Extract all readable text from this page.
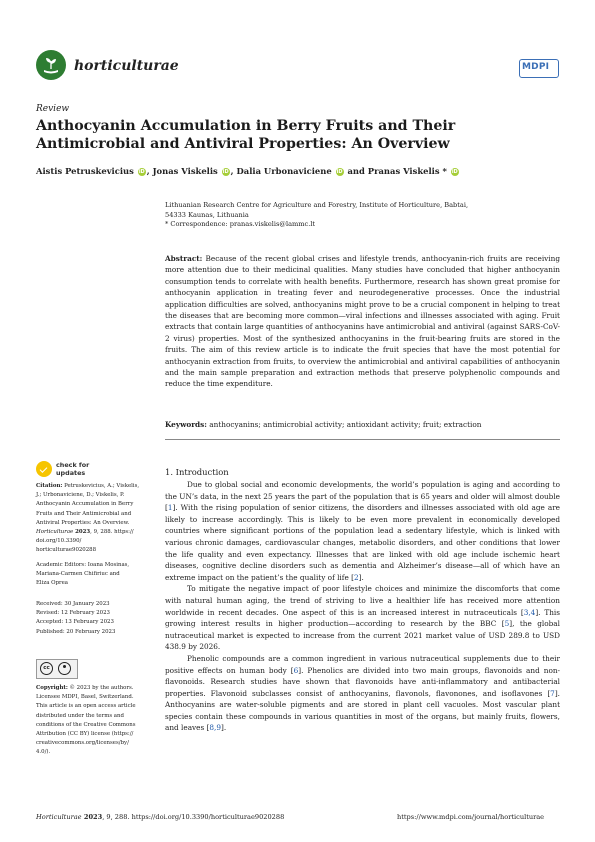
horticulturae	MDPI
Review
Anthocyanin Accumulation in Berry Fruits and Their Antimicrobial and Antiviral Properties: An Overview
Aistis Petruskevicius iD , Jonas Viskelis iD , Dalia Urbonaviciene iD and Pranas Viskelis * iD
Lithuanian Research Centre for Agriculture and Forestry, Institute of Horticulture, Babtai,
54333 Kaunas, Lithuania
* Correspondence: pranas.viskelis@lammc.lt
Abstract: Because of the recent global crises and lifestyle trends, anthocyanin-rich fruits are receiving more attention due to their medicinal qualities. Many studies have concluded that higher anthocyanin consumption tends to correlate with health benefits. Furthermore, research has shown great promise for anthocyanin application in treating fever and neurodegenerative processes. Once the industrial application difficulties are solved, anthocyanins might prove to be a crucial component in helping to treat the diseases that are becoming more common—viral infections and illnesses associated with aging. Fruit extracts that contain large quantities of anthocyanins have antimicrobial and antiviral (against SARS-CoV-2 virus) properties. Most of the synthesized anthocyanins in the fruit-bearing fruits are stored in the fruits. The aim of this review article is to indicate the fruit species that have the most potential for anthocyanin extraction from fruits, to overview the antimicrobial and antiviral capabilities of anthocyanin and the main sample preparation and extraction methods that preserve polyphenolic compounds and reduce the time expenditure.
Keywords: anthocyanins; antimicrobial activity; antioxidant activity; fruit; extraction
check for
updates
Citation: Petruskevicius, A.; Viskelis,
J.; Urbonaviciene, D.; Viskelis, P.
Anthocyanin Accumulation in Berry
Fruits and Their Antimicrobial and
Antiviral Properties: An Overview.
Horticulturae 2023, 9, 288. https://
doi.org/10.3390/
horticulturae9020288
Academic Editors: Ioana Mosinas,
Mariana-Carmen Chifiriuc and
Eliza Oprea
Received: 30 January 2023
Revised: 12 February 2023
Accepted: 13 February 2023
Published: 20 February 2023
cc
Copyright: © 2023 by the authors.
Licensee MDPI, Basel, Switzerland.
This article is an open access article
distributed under the terms and
conditions of the Creative Commons
Attribution (CC BY) license (https://
creativecommons.org/licenses/by/
4.0/).
1. Introduction

Due to global social and economic developments, the world’s population is aging and according to the UN’s data, in the next 25 years the part of the population that is 65 years and older will almost double [1]. With the rising population of senior citizens, the disorders and illnesses associated with old age are likely to increase accordingly. This is likely to be even more prevalent in economically developed countries where significant portions of the population lead a sedentary lifestyle, which is linked with various chronic damages, cardiovascular changes, metabolic disorders, and other conditions that lower the life quality and even expectancy. Illnesses that are linked with old age include ischemic heart diseases, cognitive decline disorders such as dementia and Alzheimer’s disease—all of which have an extreme impact on the patient’s the quality of life [2].

To mitigate the negative impact of poor lifestyle choices and minimize the discomforts that come with natural human aging, the trend of striving to live a healthier life has received more attention worldwide in recent decades. One aspect of this is an increased interest in nutraceuticals [3,4]. This growing interest results in higher production—according to research by the BBC [5], the global nutraceutical market is expected to increase from the current 2021 market value of USD 289.8 to USD 438.9 by 2026.

Phenolic compounds are a common ingredient in various nutraceutical supplements due to their positive effects on human body [6]. Phenolics are divided into two main groups, flavonoids and non-flavonoids. Research studies have shown that flavonoids have anti-inflammatory and antibacterial properties. Flavonoid subclasses consist of anthocyanins, flavonols, flavonones, and isoflavones [7]. Anthocyanins are water-soluble pigments and are stored in plant cell vacuoles. Most vascular plant species contain these compounds in various quantities in most of the organs, but mainly fruits, flowers, and leaves [8,9].

Horticulturae 2023, 9, 288. https://doi.org/10.3390/horticulturae9020288	https://www.mdpi.com/journal/horticulturae
